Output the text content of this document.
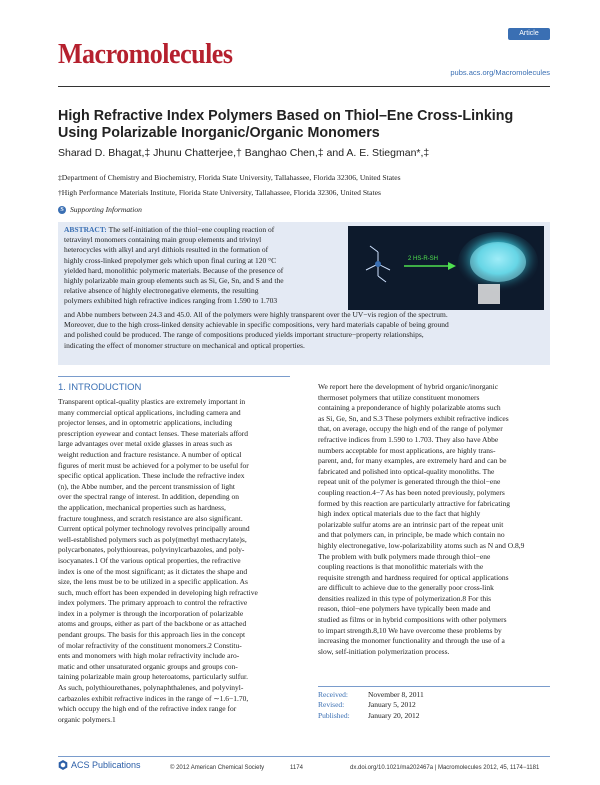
Article
Macromolecules
pubs.acs.org/Macromolecules
High Refractive Index Polymers Based on Thiol–Ene Cross-Linking
Using Polarizable Inorganic/Organic Monomers
Sharad D. Bhagat,‡ Jhunu Chatterjee,† Banghao Chen,‡ and A. E. Stiegman*,‡
‡Department of Chemistry and Biochemistry, Florida State University, Tallahassee, Florida 32306, United States
†High Performance Materials Institute, Florida State University, Tallahassee, Florida 32306, United States
S Supporting Information
ABSTRACT: The self-initiation of the thiol−ene coupling reaction of
tetravinyl monomers containing main group elements and trivinyl
heterocycles with alkyl and aryl dithiols resulted in the formation of
highly cross-linked prepolymer gels which upon final curing at 120 °C
yielded hard, monolithic polymeric materials. Because of the presence of
highly polarizable main group elements such as Si, Ge, Sn, and S and the
relative absence of highly electronegative elements, the resulting
polymers exhibited high refractive indices ranging from 1.590 to 1.703
and Abbe numbers between 24.3 and 45.0. All of the polymers were highly transparent over the UV−vis region of the spectrum.
Moreover, due to the high cross-linked density achievable in specific compositions, very hard materials capable of being ground
and polished could be produced. The range of compositions produced yields important structure−property relationships,
indicating the effect of monomer structure on mechanical and optical properties.
2 HS-R-SH
1. INTRODUCTION
Transparent optical-quality plastics are extremely important in
many commercial optical applications, including camera and
projector lenses, and in optometric applications, including
prescription eyewear and contact lenses. These materials afford
large advantages over metal oxide glasses in areas such as
weight reduction and fracture resistance. A number of optical
figures of merit must be achieved for a polymer to be useful for
specific optical application. These include the refractive index
(n), the Abbe number, and the percent transmission of light
over the spectral range of interest. In addition, depending on
the application, mechanical properties such as hardness,
fracture toughness, and scratch resistance are also significant.
Current optical polymer technology revolves principally around
well-established polymers such as poly(methyl methacrylate)s,
polycarbonates, polythioureas, polyvinylcarbazoles, and poly-
isocyanates.1 Of the various optical properties, the refractive
index is one of the most significant; as it dictates the shape and
size, the lens must be to be utilized in a specific application. As
such, much effort has been expended in developing high refractive
index polymers. The primary approach to control the refractive
index in a polymer is through the incorporation of polarizable
atoms and groups, either as part of the backbone or as attached
pendant groups. The basis for this approach lies in the concept
of molar refractivity of the constituent monomers.2 Constitu-
ents and monomers with high molar refractivity include aro-
matic and other unsaturated organic groups and groups con-
taining polarizable main group heteroatoms, particularly sulfur.
As such, polythiourethanes, polynaphthalenes, and polyvinyl-
carbazoles exhibit refractive indices in the range of ∼1.6−1.70,
which occupy the high end of the refractive index range for
organic polymers.1
We report here the development of hybrid organic/inorganic
thermoset polymers that utilize constituent monomers
containing a preponderance of highly polarizable atoms such
as Si, Ge, Sn, and S.3 These polymers exhibit refractive indices
that, on average, occupy the high end of the range of polymer
refractive indices from 1.590 to 1.703. They also have Abbe
numbers acceptable for most applications, are highly trans-
parent, and, for many examples, are extremely hard and can be
fabricated and polished into optical-quality monoliths. The
repeat unit of the polymer is generated through the thiol−ene
coupling reaction.4−7 As has been noted previously, polymers
formed by this reaction are particularly attractive for fabricating
high index optical materials due to the fact that highly
polarizable sulfur atoms are an intrinsic part of the repeat unit
and that polymers can, in principle, be made which contain no
highly electronegative, low-polarizability atoms such as N and O.8,9
The problem with bulk polymers made through thiol−ene
coupling reactions is that monolithic materials with the
requisite strength and hardness required for optical applications
are difficult to achieve due to the generally poor cross-link
densities realized in this type of polymerization.8 For this
reason, thiol−ene polymers have typically been made and
studied as films or in hybrid compositions with other polymers
to impart strength.8,10 We have overcome these problems by
increasing the monomer functionality and through the use of a
slow, self-initiation polymerization process.
Received:	November 8, 2011
Revised:	January 5, 2012
Published: January 20, 2012
ACS Publications	© 2012 American Chemical Society	1174	dx.doi.org/10.1021/ma202467a | Macromolecules 2012, 45, 1174−1181
